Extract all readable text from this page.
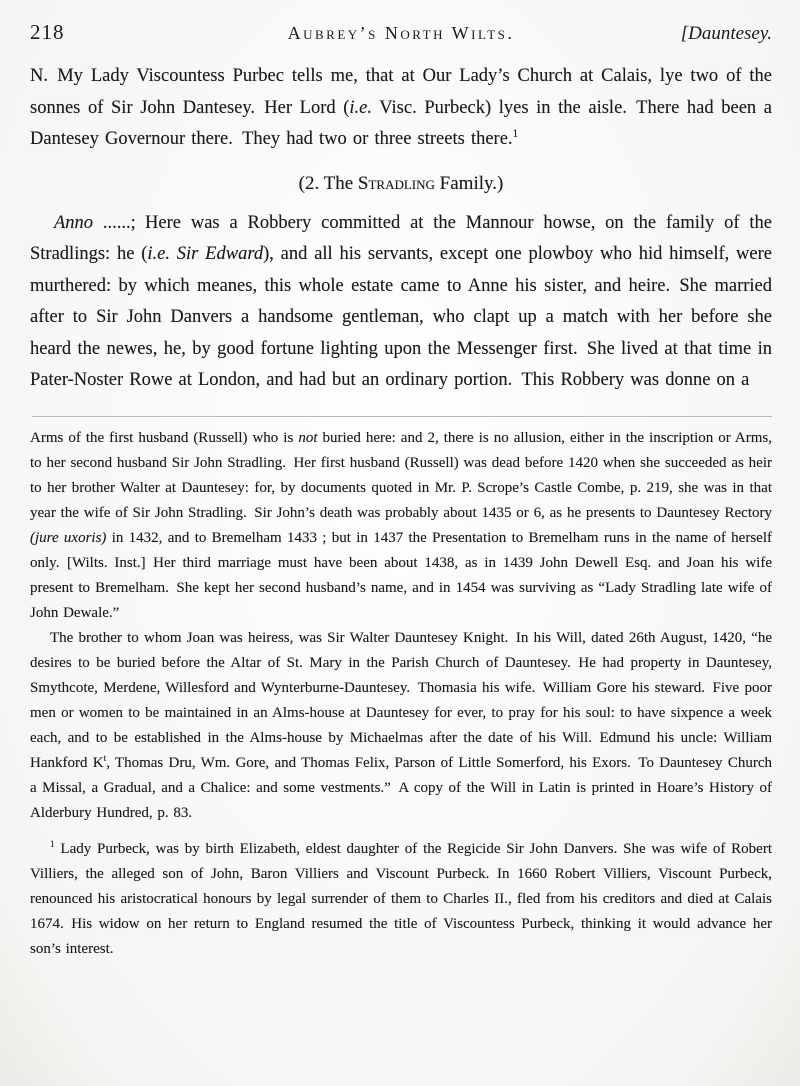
218	Aubrey’s North Wilts.	[Dauntesey.

N. My Lady Viscountess Purbec tells me, that at Our Lady’s Church at Calais, lye two of the sonnes of Sir John Dantesey. Her Lord (i.e. Visc. Purbeck) lyes in the aisle. There had been a Dantesey Governour there. They had two or three streets there.$^1$

(2. The Stradling Family.)

Anno ......; Here was a Robbery committed at the Mannour howse, on the family of the Stradlings: he (i.e. Sir Edward), and all his servants, except one plowboy who hid himself, were murthered: by which meanes, this whole estate came to Anne his sister, and heire. She married after to Sir John Danvers a handsome gentleman, who clapt up a match with her before she heard the newes, he, by good fortune lighting upon the Messenger first. She lived at that time in Pater-Noster Rowe at London, and had but an ordinary portion. This Robbery was donne on a

Arms of the first husband (Russell) who is not buried here: and 2, there is no allusion, either in the inscription or Arms, to her second husband Sir John Stradling. Her first husband (Russell) was dead before 1420 when she succeeded as heir to her brother Walter at Dauntesey: for, by documents quoted in Mr. P. Scrope’s Castle Combe, p. 219, she was in that year the wife of Sir John Stradling. Sir John’s death was probably about 1435 or 6, as he presents to Dauntesey Rectory (jure uxoris) in 1432, and to Bremelham 1433 ; but in 1437 the Presentation to Bremelham runs in the name of herself only. [Wilts. Inst.] Her third marriage must have been about 1438, as in 1439 John Dewell Esq. and Joan his wife present to Bremelham. She kept her second husband’s name, and in 1454 was surviving as “Lady Stradling late wife of John Dewale.”

The brother to whom Joan was heiress, was Sir Walter Dauntesey Knight. In his Will, dated 26th August, 1420, “he desires to be buried before the Altar of St. Mary in the Parish Church of Dauntesey. He had property in Dauntesey, Smythcote, Merdene, Willesford and Wynterburne-Dauntesey. Thomasia his wife. William Gore his steward. Five poor men or women to be maintained in an Alms-house at Dauntesey for ever, to pray for his soul: to have sixpence a week each, and to be established in the Alms-house by Michaelmas after the date of his Will. Edmund his uncle: William Hankford $K^t$, Thomas Dru, Wm. Gore, and Thomas Felix, Parson of Little Somerford, his Exors. To Dauntesey Church a Missal, a Gradual, and a Chalice: and some vestments.” A copy of the Will in Latin is printed in Hoare’s History of Alderbury Hundred, p. 83.

$^1$ Lady Purbeck, was by birth Elizabeth, eldest daughter of the Regicide Sir John Danvers. She was wife of Robert Villiers, the alleged son of John, Baron Villiers and Viscount Purbeck. In 1660 Robert Villiers, Viscount Purbeck, renounced his aristocratical honours by legal surrender of them to Charles II., fled from his creditors and died at Calais 1674. His widow on her return to England resumed the title of Viscountess Purbeck, thinking it would advance her son’s interest.
